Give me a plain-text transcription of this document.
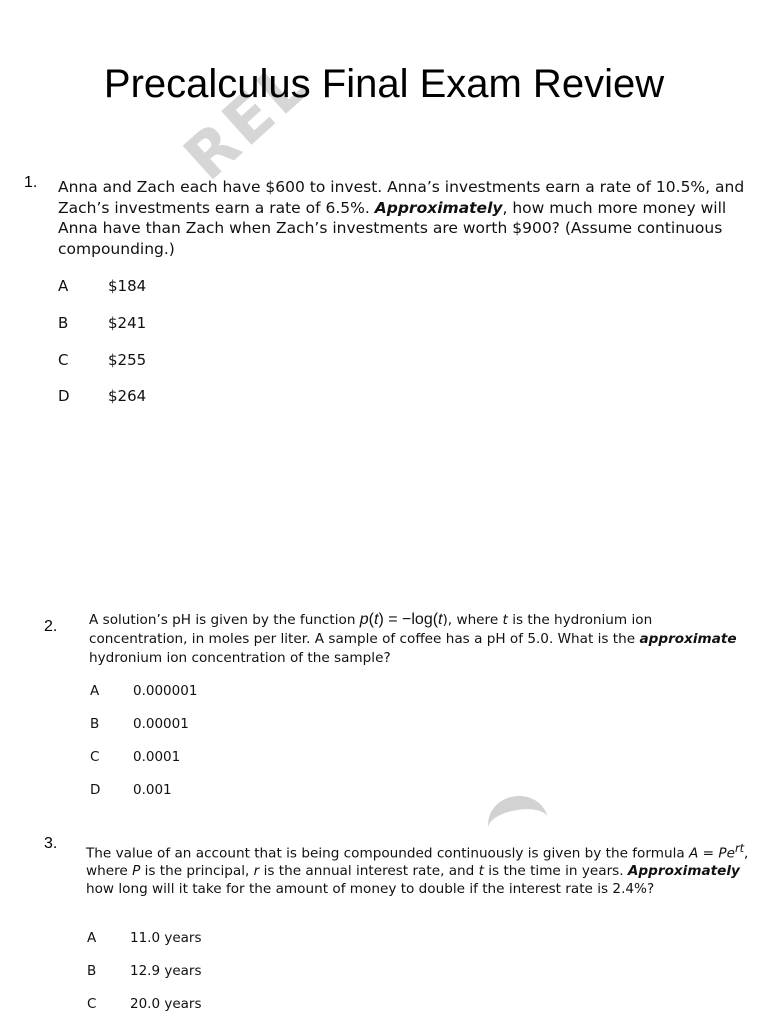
REL
Precalculus Final Exam Review
1. Anna and Zach each have $600 to invest. Anna’s investments earn a rate of 10.5%, and Zach’s investments earn a rate of 6.5%. Approximately, how much more money will Anna have than Zach when Zach’s investments are worth $900? (Assume continuous compounding.)
A	$184
B	$241
C	$255
D	$264
2. A solution’s pH is given by the function p(t) = −log(t), where t is the hydronium ion concentration, in moles per liter. A sample of coffee has a pH of 5.0. What is the approximate hydronium ion concentration of the sample?
A	0.000001
B	0.00001
C	0.0001
D	0.001
3.
The value of an account that is being compounded continuously is given by the formula $A = Pe^{rt}$, where P is the principal, r is the annual interest rate, and t is the time in years. Approximately how long will it take for the amount of money to double if the interest rate is 2.4%?
A	11.0 years
B	12.9 years
C	20.0 years
